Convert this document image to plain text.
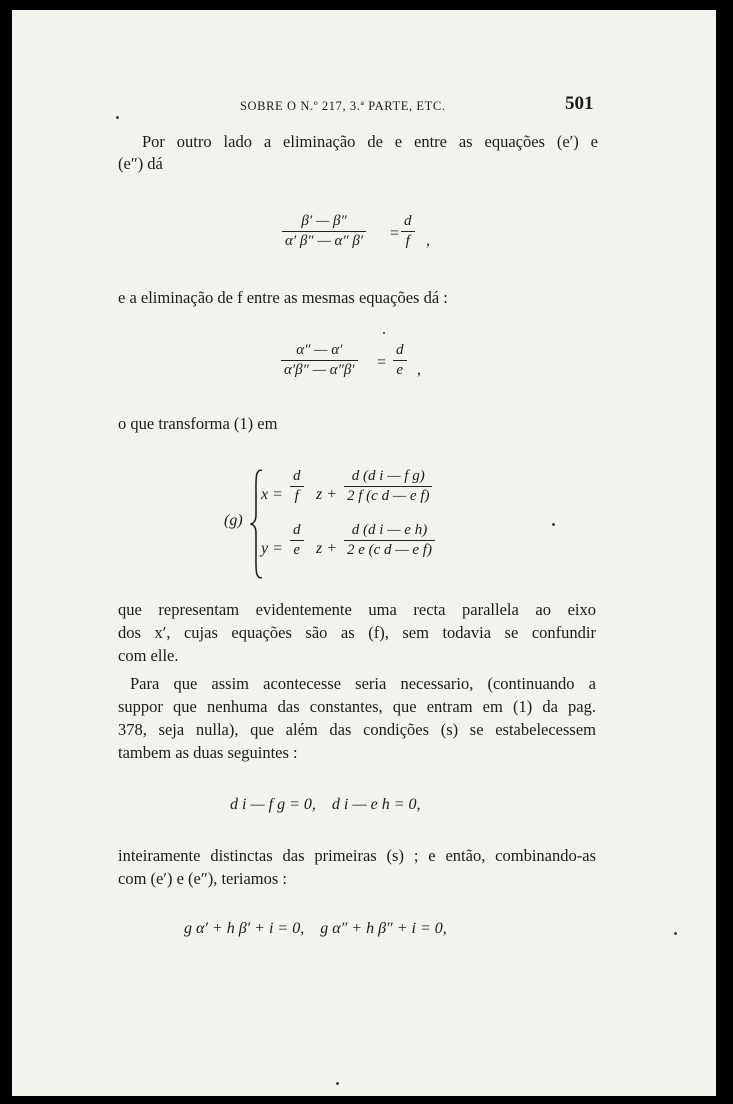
SOBRE O N.º 217, 3.ª PARTE, ETC.	501
Por outro lado a eliminação de e entre as equações (e′) e
(e″) dá
$\frac{\beta' — \beta''}{\alpha' \beta'' — \alpha'' \beta'} = \frac{d}{f}$ ,
e a eliminação de f entre as mesmas equações dá :
$\frac{\alpha'' — \alpha'}{\alpha'\beta'' — \alpha''\beta'} = \frac{d}{e}$ ,
o que transforma (1) em
(g)
$x = \frac{d}{f}$ $z + \frac{\text{d (d i — f g)}}{\text{2 f (c d — e f)}}$
$y = \frac{d}{e}$ $z + \frac{\text{d (d i — e h)}}{\text{2 e (c d — e f)}}$
que representam evidentemente uma recta parallela ao eixo
dos x′, cujas equações são as (f), sem todavia se confundir
com elle.
Para que assim acontecesse seria necessario, (continuando a
suppor que nenhuma das constantes, que entram em (1) da pag.
378, seja nulla), que além das condições (s) se estabelecessem
tambem as duas seguintes :
d i — f g = 0,    d i — e h = 0,
inteiramente distinctas das primeiras (s) ; e então, combinando-as
com (e′) e (e″), teriamos :
g α′ + h β′ + i = 0,    g α″ + h β″ + i = 0,
